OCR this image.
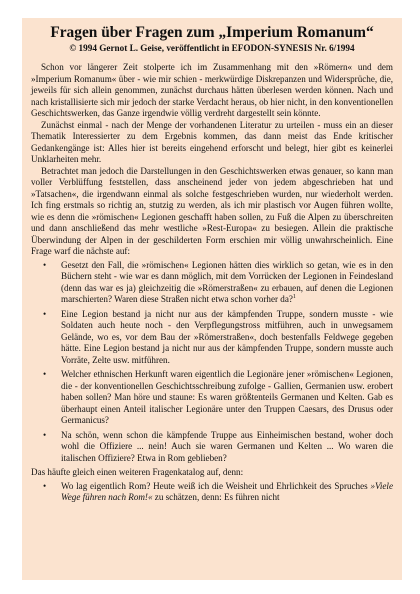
Fragen über Fragen zum „Imperium Romanum“
© 1994 Gernot L. Geise, veröffentlicht in EFODON-SYNESIS Nr. 6/1994

Schon vor längerer Zeit stolperte ich im Zusammenhang mit den »Römern« und dem »Imperium Romanum« über - wie mir schien - merkwürdige Diskrepanzen und Widersprüche, die, jeweils für sich allein genommen, zunächst durchaus hätten überlesen werden können. Nach und nach kristallisierte sich mir jedoch der starke Verdacht heraus, ob hier nicht, in den konventionellen Geschichtswerken, das Ganze irgendwie völlig verdreht dargestellt sein könnte.

Zunächst einmal - nach der Menge der vorhandenen Literatur zu urteilen - muss ein an dieser Thematik Interessierter zu dem Ergebnis kommen, das dann meist das Ende kritischer Gedankengänge ist: Alles hier ist bereits eingehend erforscht und belegt, hier gibt es keinerlei Unklarheiten mehr.

Betrachtet man jedoch die Darstellungen in den Geschichtswerken etwas genauer, so kann man voller Verblüffung feststellen, dass anscheinend jeder von jedem abgeschrieben hat und »Tatsachen«, die irgendwann einmal als solche festgeschrieben wurden, nur wiederholt werden. Ich fing erstmals so richtig an, stutzig zu werden, als ich mir plastisch vor Augen führen wollte, wie es denn die »römischen« Legionen geschafft haben sollen, zu Fuß die Alpen zu überschreiten und dann anschließend das mehr westliche »Rest-Europa« zu besiegen. Allein die praktische Überwindung der Alpen in der geschilderten Form erschien mir völlig unwahrscheinlich. Eine Frage warf die nächste auf:

• Gesetzt den Fall, die »römischen« Legionen hätten dies wirklich so getan, wie es in den Büchern steht - wie war es dann möglich, mit dem Vorrücken der Legionen in Feindesland (denn das war es ja) gleichzeitig die »Römerstraßen« zu erbauen, auf denen die Legionen marschierten? Waren diese Straßen nicht etwa schon vorher da?$^1$
• Eine Legion bestand ja nicht nur aus der kämpfenden Truppe, sondern musste - wie Soldaten auch heute noch - den Verpflegungstross mitführen, auch in unwegsamem Gelände, wo es, vor dem Bau der »Römerstraßen«, doch bestenfalls Feldwege gegeben hätte. Eine Legion bestand ja nicht nur aus der kämpfenden Truppe, sondern musste auch Vorräte, Zelte usw. mitführen.
• Welcher ethnischen Herkunft waren eigentlich die Legionäre jener »römischen« Legionen, die - der konventionellen Geschichtsschreibung zufolge - Gallien, Germanien usw. erobert haben sollen? Man höre und staune: Es waren größtenteils Germanen und Kelten. Gab es überhaupt einen Anteil italischer Legionäre unter den Truppen Caesars, des Drusus oder Germanicus?
• Na schön, wenn schon die kämpfende Truppe aus Einheimischen bestand, woher doch wohl die Offiziere ... nein! Auch sie waren Germanen und Kelten ... Wo waren die italischen Offiziere? Etwa in Rom geblieben?

Das häufte gleich einen weiteren Fragenkatalog auf, denn:

• Wo lag eigentlich Rom? Heute weiß ich die Weisheit und Ehrlichkeit des Spruches »Viele Wege führen nach Rom!« zu schätzen, denn: Es führen nicht
